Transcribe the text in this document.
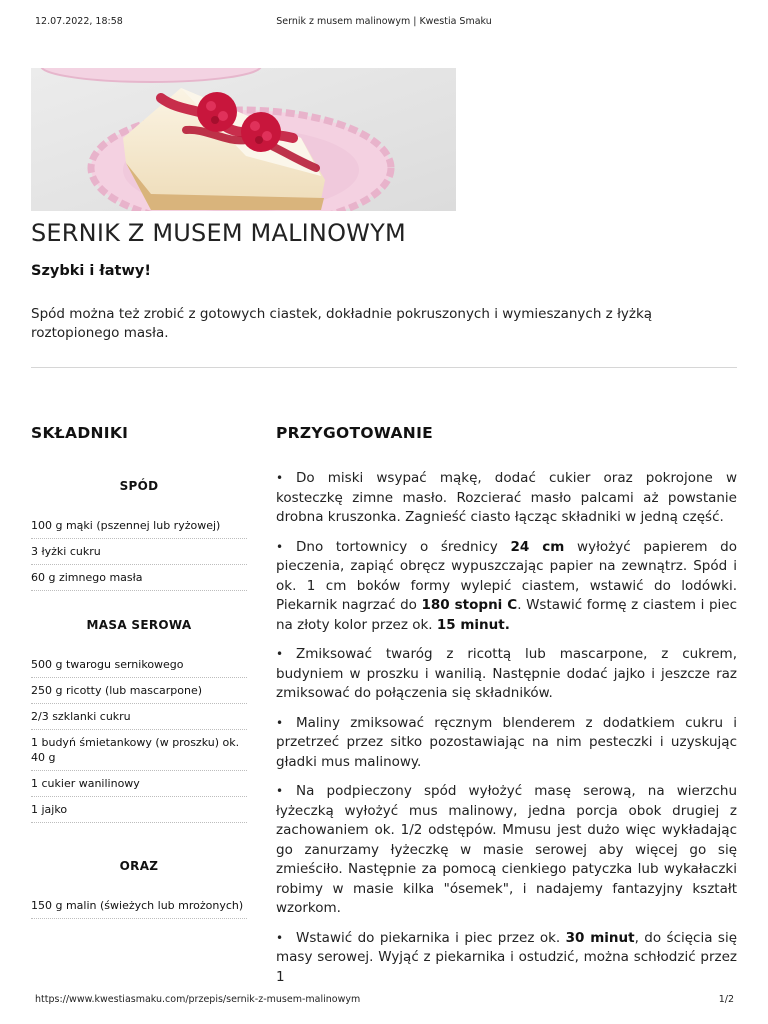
12.07.2022, 18:58	Sernik z musem malinowym | Kwestia Smaku
SERNIK Z MUSEM MALINOWYM
Szybki i łatwy!

Spód można też zrobić z gotowych ciastek, dokładnie pokruszonych i wymieszanych z łyżką roztopionego masła.

SKŁADNIKI
SPÓD
100 g mąki (pszennej lub ryżowej)
3 łyżki cukru
60 g zimnego masła
MASA SEROWA
500 g twarogu sernikowego
250 g ricotty (lub mascarpone)
2/3 szklanki cukru
1 budyń śmietankowy (w proszku) ok. 40 g
1 cukier wanilinowy
1 jajko
ORAZ
150 g malin (świeżych lub mrożonych)
PRZYGOTOWANIE
• Do miski wsypać mąkę, dodać cukier oraz pokrojone w kosteczkę zimne masło. Rozcierać masło palcami aż powstanie drobna kruszonka. Zagnieść ciasto łącząc składniki w jedną część.
• Dno tortownicy o średnicy 24 cm wyłożyć papierem do pieczenia, zapiąć obręcz wypuszczając papier na zewnątrz. Spód i ok. 1 cm boków formy wylepić ciastem, wstawić do lodówki. Piekarnik nagrzać do 180 stopni C. Wstawić formę z ciastem i piec na złoty kolor przez ok. 15 minut.
• Zmiksować twaróg z ricottą lub mascarpone, z cukrem, budyniem w proszku i wanilią. Następnie dodać jajko i jeszcze raz zmiksować do połączenia się składników.
• Maliny zmiksować ręcznym blenderem z dodatkiem cukru i przetrzeć przez sitko pozostawiając na nim pesteczki i uzyskując gładki mus malinowy.
• Na podpieczony spód wyłożyć masę serową, na wierzchu łyżeczką wyłożyć mus malinowy, jedna porcja obok drugiej z zachowaniem ok. 1/2 odstępów. Mmusu jest dużo więc wykładając go zanurzamy łyżeczkę w masie serowej aby więcej go się zmieściło. Następnie za pomocą cienkiego patyczka lub wykałaczki robimy w masie kilka "ósemek", i nadajemy fantazyjny kształt wzorkom.
• Wstawić do piekarnika i piec przez ok. 30 minut, do ścięcia się masy serowej. Wyjąć z piekarnika i ostudzić, można schłodzić przez 1
https://www.kwestiasmaku.com/przepis/sernik-z-musem-malinowym	1/2
